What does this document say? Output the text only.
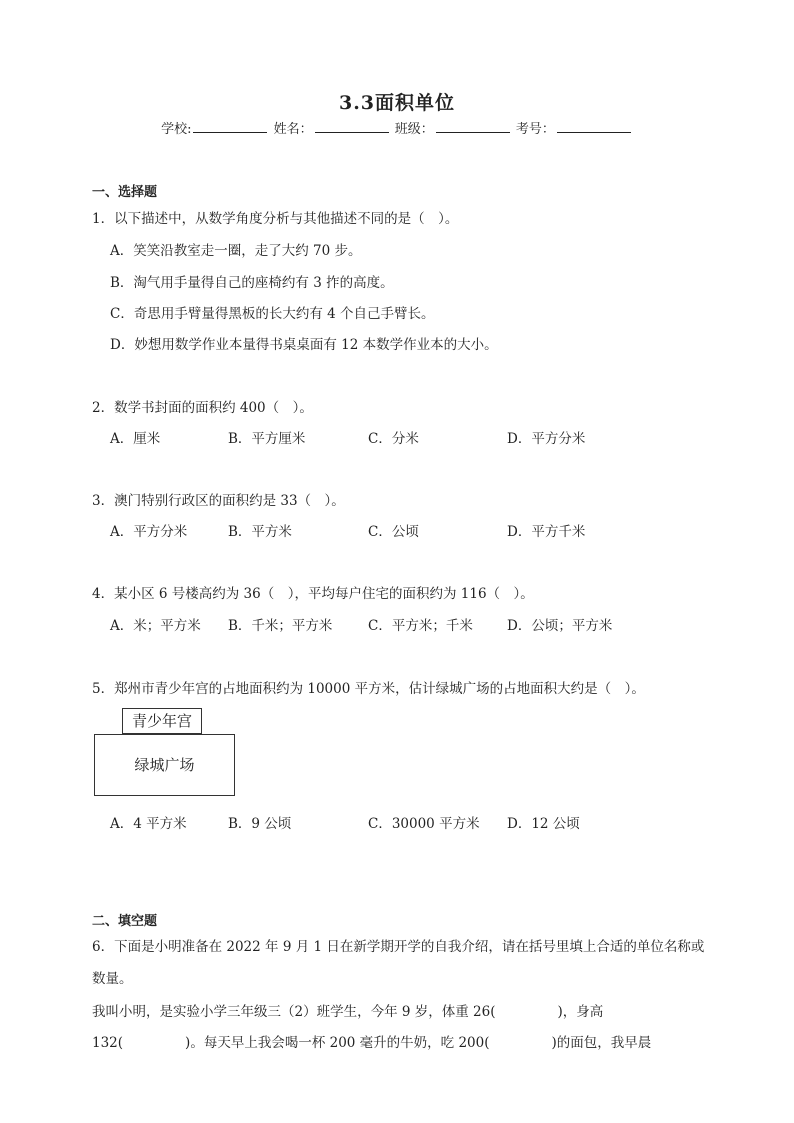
3.3面积单位
学校:	姓名：	班级：	考号：
一、选择题
1．以下描述中，从数学角度分析与其他描述不同的是（　）。
A．笑笑沿教室走一圈，走了大约 70 步。
B．淘气用手量得自己的座椅约有 3 拃的高度。
C．奇思用手臂量得黑板的长大约有 4 个自己手臂长。
D．妙想用数学作业本量得书桌桌面有 12 本数学作业本的大小。
2．数学书封面的面积约 400（　）。
A．厘米	B．平方厘米	C．分米	D．平方分米
3．澳门特别行政区的面积约是 33（　）。
A．平方分米	B．平方米	C．公顷	D．平方千米
4．某小区 6 号楼高约为 36（　），平均每户住宅的面积约为 116（　）。
A．米；平方米 B．千米；平方米	C．平方米；千米	D．公顷；平方米
5．郑州市青少年宫的占地面积约为 10000 平方米，估计绿城广场的占地面积大约是（　）。
青少年宫
绿城广场
A．4 平方米	B．9 公顷	C．30000 平方米 D．12 公顷
二、填空题
6．下面是小明准备在 2022 年 9 月 1 日在新学期开学的自我介绍，请在括号里填上合适的单位名称或
数量。
我叫小明，是实验小学三年级三（2）班学生，今年 9 岁，体重 26(	)，身高
132(	)。每天早上我会喝一杯 200 毫升的牛奶，吃 200(	)的面包，我早晨
